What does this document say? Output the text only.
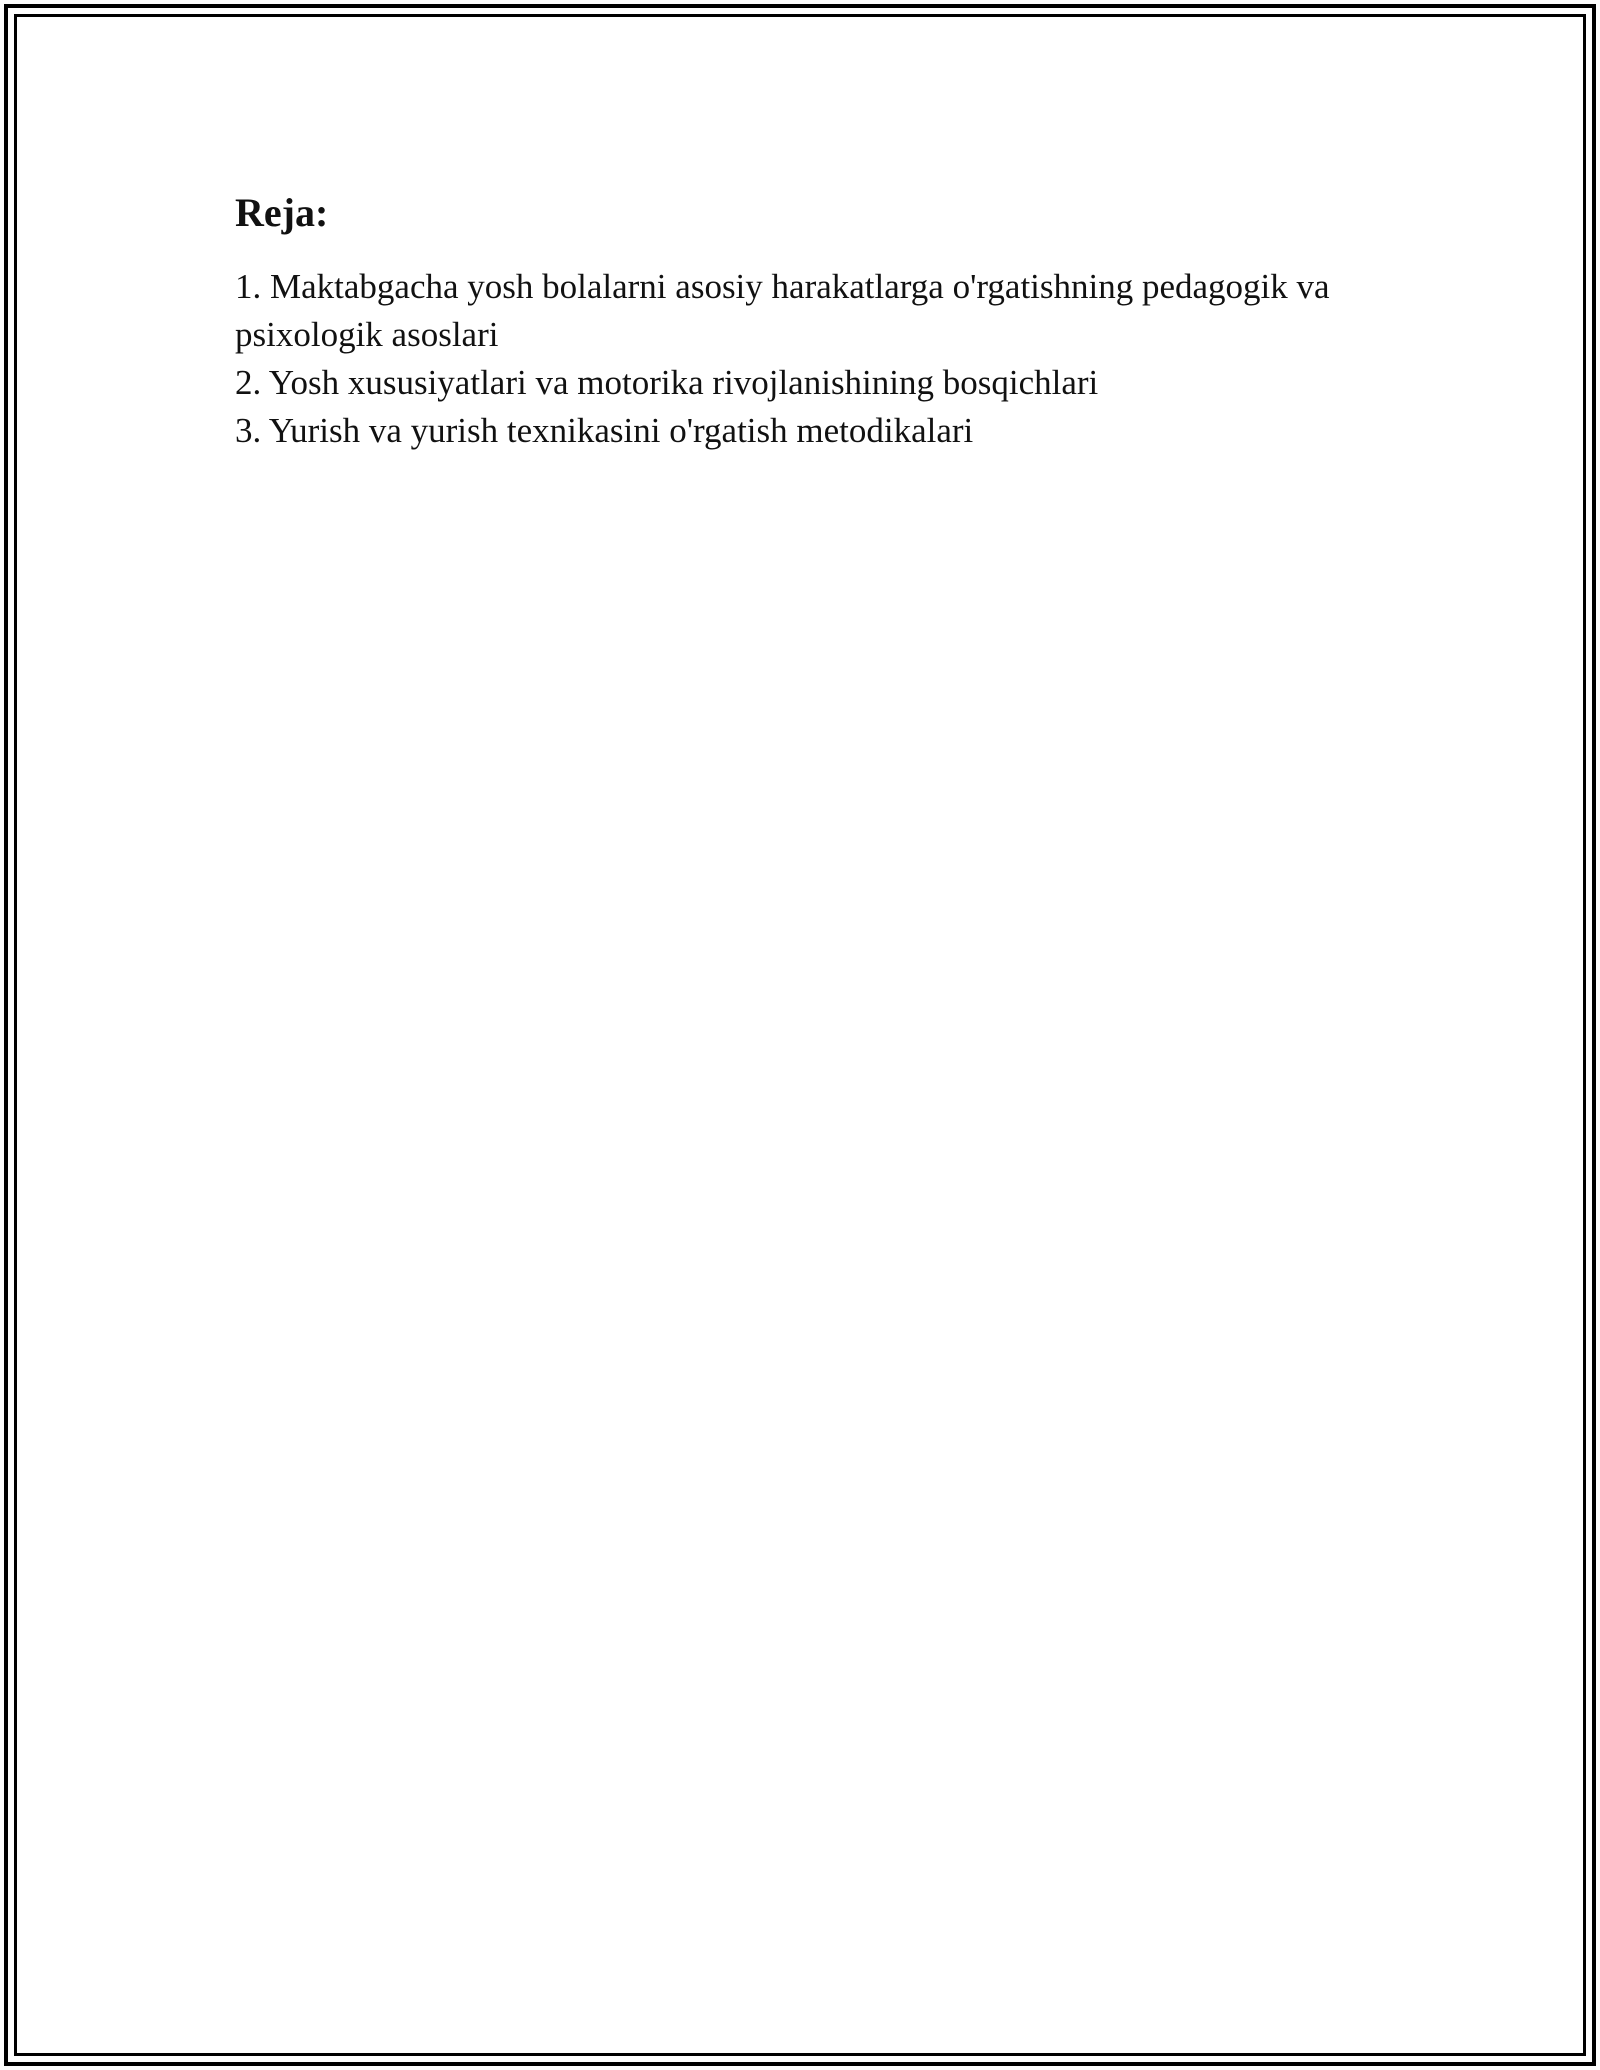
Reja:
1. Maktabgacha yosh bolalarni asosiy harakatlarga o'rgatishning pedagogik va psixologik asoslari
2. Yosh xususiyatlari va motorika rivojlanishining bosqichlari
3. Yurish va yurish texnikasini o'rgatish metodikalari
